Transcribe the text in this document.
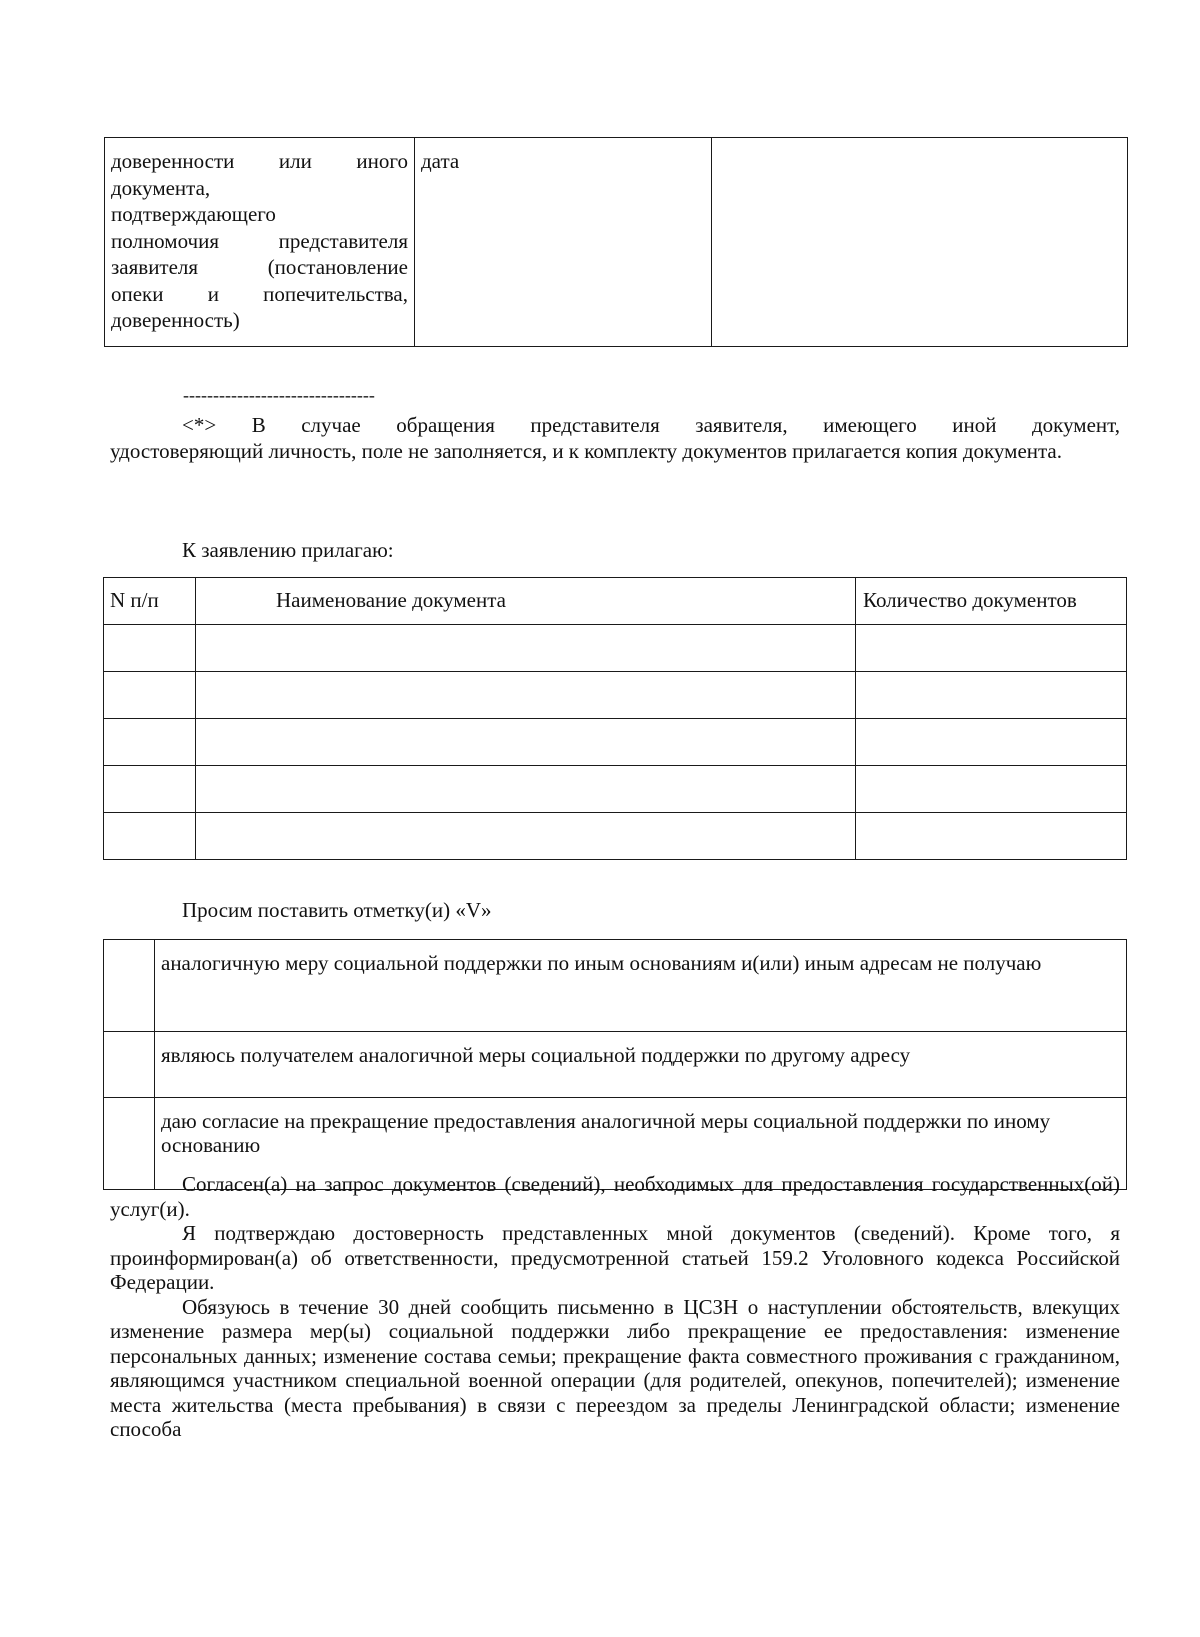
доверенности или иного
документа,
подтверждающего
полномочия представителя
заявителя (постановление
опеки и попечительства,
доверенность)
	дата	
--------------------------------
<*> В случае обращения представителя заявителя, имеющего иной документ,
удостоверяющий личность, поле не заполняется, и к комплекту документов прилагается копия документа.
К заявлению прилагаю:
N п/п	Наименование документа	Количество документов

Просим поставить отметку(и) «V»
	аналогичную меру социальной поддержки по иным основаниям и(или) иным адресам не получаю
	являюсь получателем аналогичной меры социальной поддержки по другому адресу
	даю согласие на прекращение предоставления аналогичной меры социальной поддержки по иному основанию

Согласен(а) на запрос документов (сведений), необходимых для предоставления государственных(ой) услуг(и).

Я подтверждаю достоверность представленных мной документов (сведений). Кроме того, я проинформирован(а) об ответственности, предусмотренной статьей 159.2 Уголовного кодекса Российской Федерации.

Обязуюсь в течение 30 дней сообщить письменно в ЦСЗН о наступлении обстоятельств, влекущих изменение размера мер(ы) социальной поддержки либо прекращение ее предоставления: изменение персональных данных; изменение состава семьи; прекращение факта совместного проживания с гражданином, являющимся участником специальной военной операции (для родителей, опекунов, попечителей); изменение места жительства (места пребывания) в связи с переездом за пределы Ленинградской области; изменение способа
